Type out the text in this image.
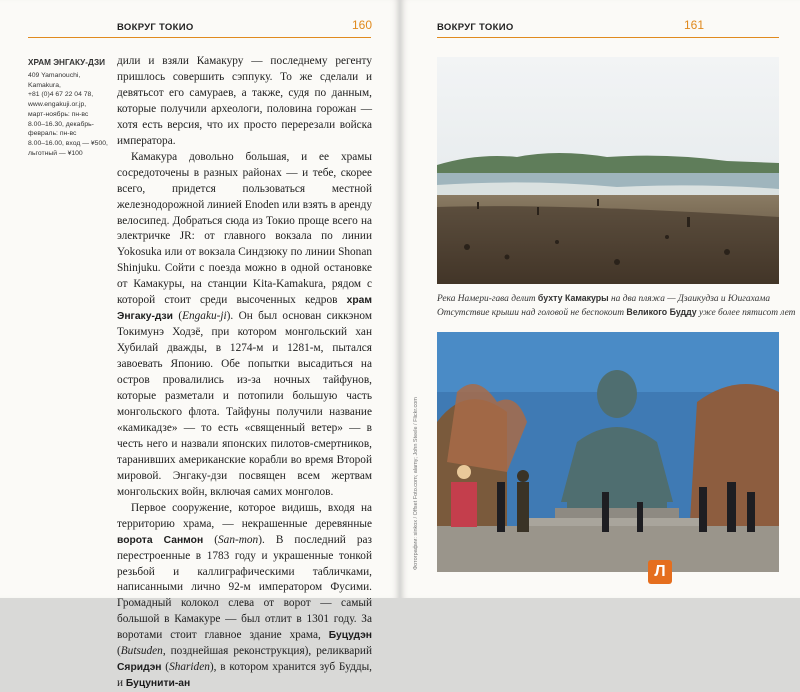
ВОКРУГ ТОКИО	160
ХРАМ ЭНГАКУ-ДЗИ
409 Yamanouchi,
Kamakura,
+81 (0)4 67 22 04 78,
www.engakuji.or.jp,
март-ноябрь: пн-вс
8.00–16.30, декабрь-
февраль: пн-вс
8.00–16.00, вход — ¥500,
льготный — ¥100

дили и взяли Камакуру — последнему регенту пришлось совершить сэппуку. То же сделали и девятьсот его самураев, а также, судя по данным, которые получили археологи, половина горожан — хотя есть версия, что их просто перерезали войска императора.

Камакура довольно большая, и ее храмы сосредоточены в разных районах — и тебе, скорее всего, придется пользоваться местной железнодорожной линией Enoden или взять в аренду велосипед. Добраться сюда из Токио проще всего на электричке JR: от главного вокзала по линии Yokosuka или от вокзала Синдзюку по линии Shonan Shinjuku. Сойти с поезда можно в одной остановке от Камакуры, на станции Kita-Kamakura, рядом с которой стоит среди высоченных кедров храм Энгаку-дзи (Engaku-ji). Он был основан сиккэном Токимунэ Ходзё, при котором монгольский хан Хубилай дважды, в 1274-м и 1281-м, пытался завоевать Японию. Обе попытки высадиться на остров провалились из-за ночных тайфунов, которые разметали и потопили большую часть монгольского флота. Тайфуны получили название «камикадзе» — то есть «священный ветер» — в честь него и назвали японских пилотов-смертников, таранивших американские корабли во время Второй мировой. Энгаку-дзи посвящен всем жертвам монгольских войн, включая самих монголов.

Первое сооружение, которое видишь, входя на территорию храма, — некрашенные деревянные ворота Санмон (San-mon). В последний раз перестроенные в 1783 году и украшенные тонкой резьбой и каллиграфическими табличками, написанными лично 92-м императором Фусими. Громадный колокол слева от ворот — самый большой в Камакуре — был отлит в 1301 году. За воротами стоит главное здание храма, Буцудэн (Butsuden, позднейшая реконструкция), реликварий Сяридэн (Shariden), в котором хранится зуб Будды, и Буцунити-ан

ВОКРУГ ТОКИО	161
Река Намери-гава делит бухту Камакуры на два пляжа — Дзаикудза и Юигахама
Отсутствие крыши над головой не беспокоит Великого Будду уже более пятисот лет
Фотографии: sinkox / Offset Foto.com; alamy; John Steele / Flickr.com
Л
